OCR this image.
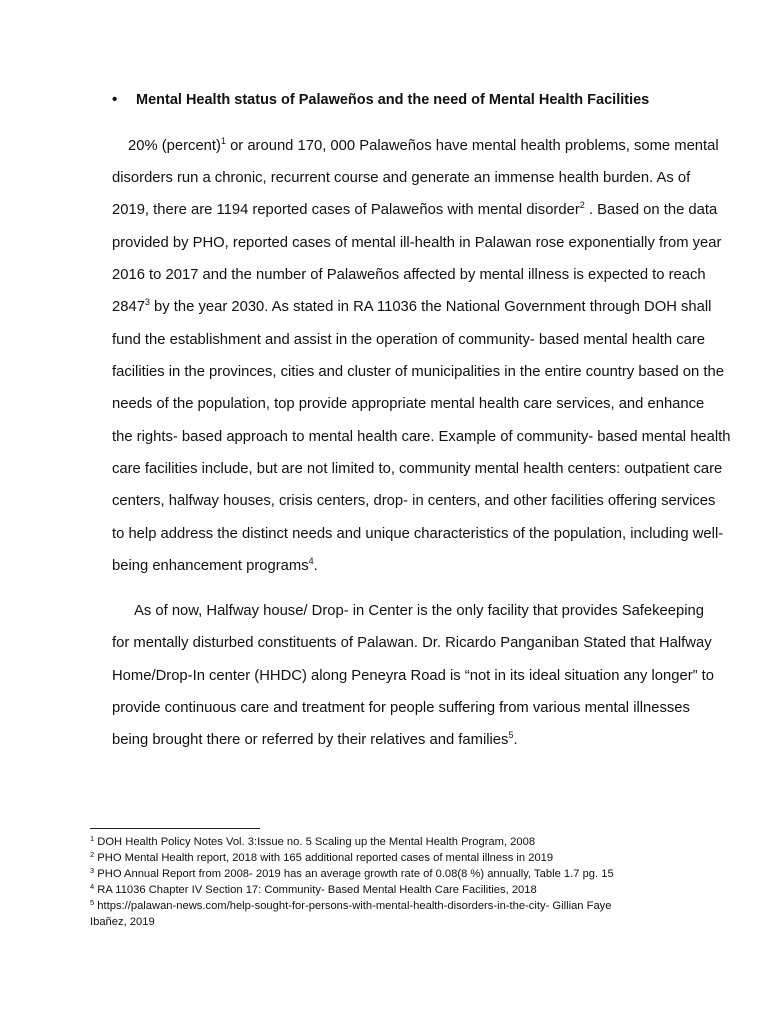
• Mental Health status of Palaweños and the need of Mental Health Facilities
20% (percent)$^1$ or around 170, 000 Palaweños have mental health problems, some mental
disorders run a chronic, recurrent course and generate an immense health burden. As of
2019, there are 1194 reported cases of Palaweños with mental disorder$^2$ . Based on the data
provided by PHO, reported cases of mental ill-health in Palawan rose exponentially from year
2016 to 2017 and the number of Palaweños affected by mental illness is expected to reach
2847$^3$ by the year 2030. As stated in RA 11036 the National Government through DOH shall
fund the establishment and assist in the operation of community- based mental health care
facilities in the provinces, cities and cluster of municipalities in the entire country based on the
needs of the population, top provide appropriate mental health care services, and enhance
the rights- based approach to mental health care. Example of community- based mental health
care facilities include, but are not limited to, community mental health centers: outpatient care
centers, halfway houses, crisis centers, drop- in centers, and other facilities offering services
to help address the distinct needs and unique characteristics of the population, including well-
being enhancement programs$^4$.
As of now, Halfway house/ Drop- in Center is the only facility that provides Safekeeping
for mentally disturbed constituents of Palawan. Dr. Ricardo Panganiban Stated that Halfway
Home/Drop-In center (HHDC) along Peneyra Road is “not in its ideal situation any longer” to
provide continuous care and treatment for people suffering from various mental illnesses
being brought there or referred by their relatives and families$^5$.
$^1$ DOH Health Policy Notes Vol. 3:Issue no. 5 Scaling up the Mental Health Program, 2008
$^2$ PHO Mental Health report, 2018 with 165 additional reported cases of mental illness in 2019
$^3$ PHO Annual Report from 2008- 2019 has an average growth rate of 0.08(8 %) annually, Table 1.7 pg. 15
$^4$ RA 11036 Chapter IV Section 17: Community- Based Mental Health Care Facilities, 2018
$^5$ https://palawan-news.com/help-sought-for-persons-with-mental-health-disorders-in-the-city- Gillian Faye
Ibañez, 2019
